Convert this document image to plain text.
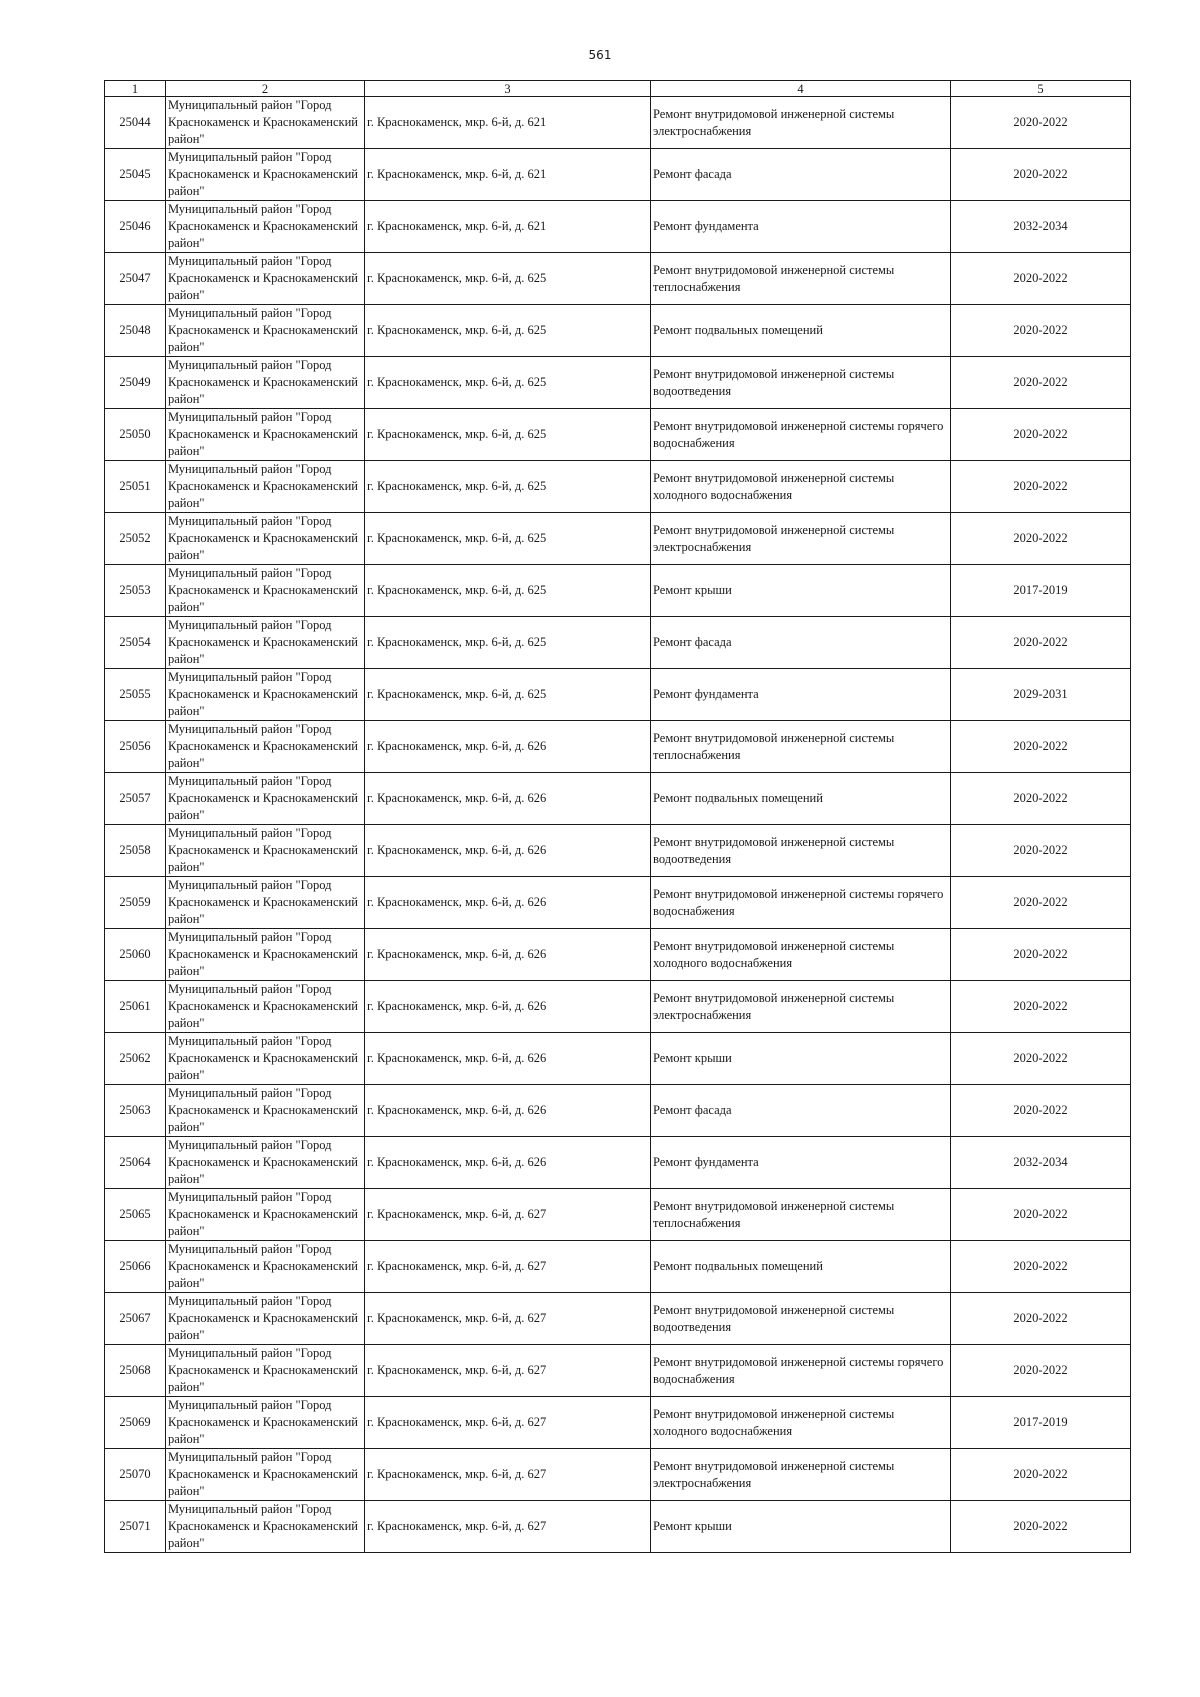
561
1	2	3	4	5
25044	Муниципальный район "Город Краснокаменск и Краснокаменский район"	г. Краснокаменск, мкр. 6-й, д. 621	Ремонт внутридомовой инженерной системы электроснабжения	2020-2022
25045	Муниципальный район "Город Краснокаменск и Краснокаменский район"	г. Краснокаменск, мкр. 6-й, д. 621	Ремонт фасада	2020-2022
25046	Муниципальный район "Город Краснокаменск и Краснокаменский район"	г. Краснокаменск, мкр. 6-й, д. 621	Ремонт фундамента	2032-2034
25047	Муниципальный район "Город Краснокаменск и Краснокаменский район"	г. Краснокаменск, мкр. 6-й, д. 625	Ремонт внутридомовой инженерной системы теплоснабжения	2020-2022
25048	Муниципальный район "Город Краснокаменск и Краснокаменский район"	г. Краснокаменск, мкр. 6-й, д. 625	Ремонт подвальных помещений	2020-2022
25049	Муниципальный район "Город Краснокаменск и Краснокаменский район"	г. Краснокаменск, мкр. 6-й, д. 625	Ремонт внутридомовой инженерной системы водоотведения	2020-2022
25050	Муниципальный район "Город Краснокаменск и Краснокаменский район"	г. Краснокаменск, мкр. 6-й, д. 625	Ремонт внутридомовой инженерной системы горячего водоснабжения	2020-2022
25051	Муниципальный район "Город Краснокаменск и Краснокаменский район"	г. Краснокаменск, мкр. 6-й, д. 625	Ремонт внутридомовой инженерной системы холодного водоснабжения	2020-2022
25052	Муниципальный район "Город Краснокаменск и Краснокаменский район"	г. Краснокаменск, мкр. 6-й, д. 625	Ремонт внутридомовой инженерной системы электроснабжения	2020-2022
25053	Муниципальный район "Город Краснокаменск и Краснокаменский район"	г. Краснокаменск, мкр. 6-й, д. 625	Ремонт крыши	2017-2019
25054	Муниципальный район "Город Краснокаменск и Краснокаменский район"	г. Краснокаменск, мкр. 6-й, д. 625	Ремонт фасада	2020-2022
25055	Муниципальный район "Город Краснокаменск и Краснокаменский район"	г. Краснокаменск, мкр. 6-й, д. 625	Ремонт фундамента	2029-2031
25056	Муниципальный район "Город Краснокаменск и Краснокаменский район"	г. Краснокаменск, мкр. 6-й, д. 626	Ремонт внутридомовой инженерной системы теплоснабжения	2020-2022
25057	Муниципальный район "Город Краснокаменск и Краснокаменский район"	г. Краснокаменск, мкр. 6-й, д. 626	Ремонт подвальных помещений	2020-2022
25058	Муниципальный район "Город Краснокаменск и Краснокаменский район"	г. Краснокаменск, мкр. 6-й, д. 626	Ремонт внутридомовой инженерной системы водоотведения	2020-2022
25059	Муниципальный район "Город Краснокаменск и Краснокаменский район"	г. Краснокаменск, мкр. 6-й, д. 626	Ремонт внутридомовой инженерной системы горячего водоснабжения	2020-2022
25060	Муниципальный район "Город Краснокаменск и Краснокаменский район"	г. Краснокаменск, мкр. 6-й, д. 626	Ремонт внутридомовой инженерной системы холодного водоснабжения	2020-2022
25061	Муниципальный район "Город Краснокаменск и Краснокаменский район"	г. Краснокаменск, мкр. 6-й, д. 626	Ремонт внутридомовой инженерной системы электроснабжения	2020-2022
25062	Муниципальный район "Город Краснокаменск и Краснокаменский район"	г. Краснокаменск, мкр. 6-й, д. 626	Ремонт крыши	2020-2022
25063	Муниципальный район "Город Краснокаменск и Краснокаменский район"	г. Краснокаменск, мкр. 6-й, д. 626	Ремонт фасада	2020-2022
25064	Муниципальный район "Город Краснокаменск и Краснокаменский район"	г. Краснокаменск, мкр. 6-й, д. 626	Ремонт фундамента	2032-2034
25065	Муниципальный район "Город Краснокаменск и Краснокаменский район"	г. Краснокаменск, мкр. 6-й, д. 627	Ремонт внутридомовой инженерной системы теплоснабжения	2020-2022
25066	Муниципальный район "Город Краснокаменск и Краснокаменский район"	г. Краснокаменск, мкр. 6-й, д. 627	Ремонт подвальных помещений	2020-2022
25067	Муниципальный район "Город Краснокаменск и Краснокаменский район"	г. Краснокаменск, мкр. 6-й, д. 627	Ремонт внутридомовой инженерной системы водоотведения	2020-2022
25068	Муниципальный район "Город Краснокаменск и Краснокаменский район"	г. Краснокаменск, мкр. 6-й, д. 627	Ремонт внутридомовой инженерной системы горячего водоснабжения	2020-2022
25069	Муниципальный район "Город Краснокаменск и Краснокаменский район"	г. Краснокаменск, мкр. 6-й, д. 627	Ремонт внутридомовой инженерной системы холодного водоснабжения	2017-2019
25070	Муниципальный район "Город Краснокаменск и Краснокаменский район"	г. Краснокаменск, мкр. 6-й, д. 627	Ремонт внутридомовой инженерной системы электроснабжения	2020-2022
25071	Муниципальный район "Город Краснокаменск и Краснокаменский район"	г. Краснокаменск, мкр. 6-й, д. 627	Ремонт крыши	2020-2022
